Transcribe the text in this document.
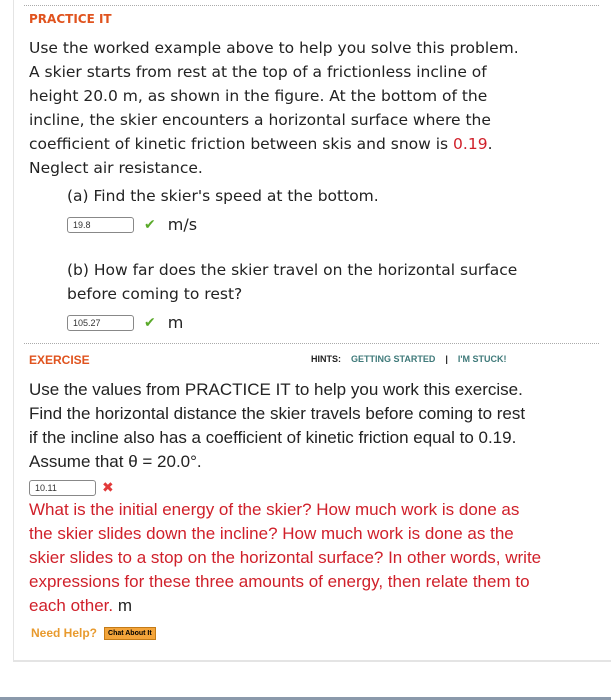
PRACTICE IT
Use the worked example above to help you solve this problem.
A skier starts from rest at the top of a frictionless incline of height 20.0 m, as shown in the figure. At the bottom of the incline, the skier encounters a horizontal surface where the coefficient of kinetic friction between skis and snow is 0.19.
Neglect air resistance.
(a) Find the skier's speed at the bottom.
19.8	✔ m/s
(b) How far does the skier travel on the horizontal surface before coming to rest?
105.27	✔ m
EXERCISE	HINTS: GETTING STARTED | I'M STUCK!
Use the values from PRACTICE IT to help you work this exercise. Find the horizontal distance the skier travels before coming to rest if the incline also has a coefficient of kinetic friction equal to 0.19. Assume that θ = 20.0°.
10.11	✖
What is the initial energy of the skier? How much work is done as the skier slides down the incline? How much work is done as the skier slides to a stop on the horizontal surface? In other words, write expressions for these three amounts of energy, then relate them to each other. m
Need Help?	Chat About It
